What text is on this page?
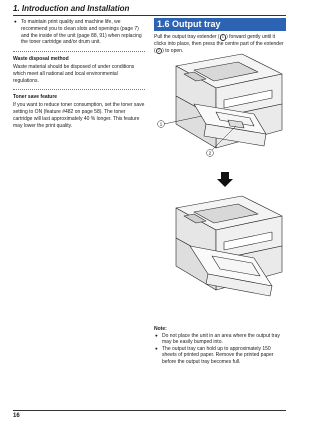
1. Introduction and Installation
● To maintain print quality and machine life, we recommend you to clean slots and openings (page 7) and the inside of the unit (page 88, 91) when replacing the toner cartridge and/or drum unit.
Waste disposal method
Waste material should be disposed of under conditions which meet all national and local environmental regulations.
Toner save feature
If you want to reduce toner consumption, set the toner save setting to ON (feature #482 on page 58). The toner cartridge will last approximately 40 % longer. This feature may lower the print quality.
1.6 Output tray
Pull the output tray extender ( 1 ) forward gently until it clicks into place, then press the centre part of the extender ( 2 ) to open.
1
2
Note:
● Do not place the unit in an area where the output tray may be easily bumped into.
● The output tray can hold up to approximately 150 sheets of printed paper. Remove the printed paper before the output tray becomes full.
16
